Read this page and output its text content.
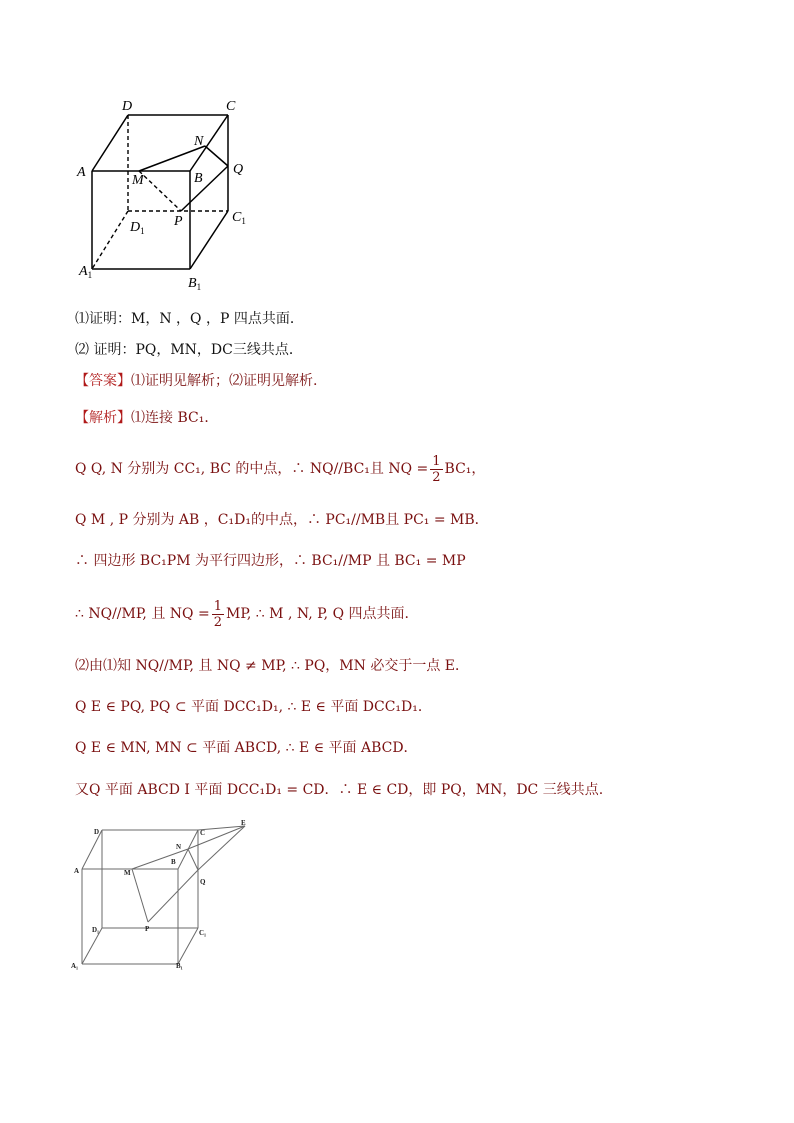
D	C
N
A
M	B
Q
P	$C_1$
$D_1$
$A_1$
$B_1$
⑴证明：M，N ，Q ，P 四点共面．
⑵ 证明：PQ，MN，DC三线共点．
【答案】⑴证明见解析；⑵证明见解析.
【解析】⑴连接 BC₁．
Q Q, N 分别为 CC₁, BC 的中点，∴ NQ//BC₁且 NQ = $\frac{1}{2} BC_1$，
Q M , P 分别为 AB ，C₁D₁的中点，∴ PC₁//MB且 PC₁ = MB．
∴ 四边形 BC₁PM 为平行四边形，∴ BC₁//MP 且 BC₁ = MP
∴ NQ//MP, 且 NQ = $\frac{1}{2}$ MP, ∴ M , N, P, Q 四点共面.
⑵由⑴知 NQ//MP, 且 NQ ≠ MP, ∴ PQ，MN 必交于一点 E．
Q E ∈ PQ, PQ ⊂ 平面 DCC₁D₁, ∴ E ∈ 平面 DCC₁D₁．
Q E ∈ MN, MN ⊂ 平面 ABCD, ∴ E ∈ 平面 ABCD．
又Q 平面 ABCD I 平面 DCC₁D₁ = CD．∴ E ∈ CD，即 PQ，MN，DC 三线共点.
D	C
E
N
B
A	M
Q
D₁	P	C₁
A₁	B₁
